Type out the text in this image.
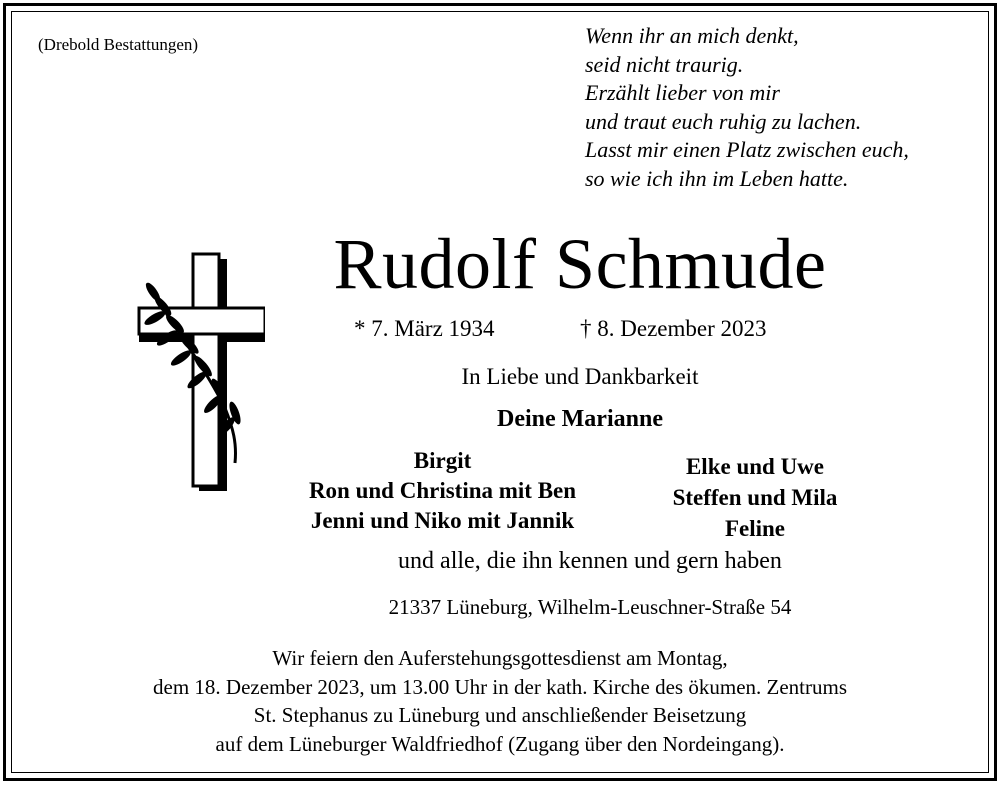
(Drebold Bestattungen)	Wenn ihr an mich denkt,
seid nicht traurig.
Erzählt lieber von mir
und traut euch ruhig zu lachen.
Lasst mir einen Platz zwischen euch,
so wie ich ihn im Leben hatte.
Rudolf Schmude
* 7. März 1934	† 8. Dezember 2023
In Liebe und Dankbarkeit
Deine Marianne
Birgit
Ron und Christina mit Ben
Jenni und Niko mit Jannik
Elke und Uwe
Steffen und Mila
Feline
und alle, die ihn kennen und gern haben
21337 Lüneburg, Wilhelm-Leuschner-Straße 54
Wir feiern den Auferstehungsgottesdienst am Montag,
dem 18. Dezember 2023, um 13.00 Uhr in der kath. Kirche des ökumen. Zentrums
St. Stephanus zu Lüneburg und anschließender Beisetzung
auf dem Lüneburger Waldfriedhof (Zugang über den Nordeingang).
